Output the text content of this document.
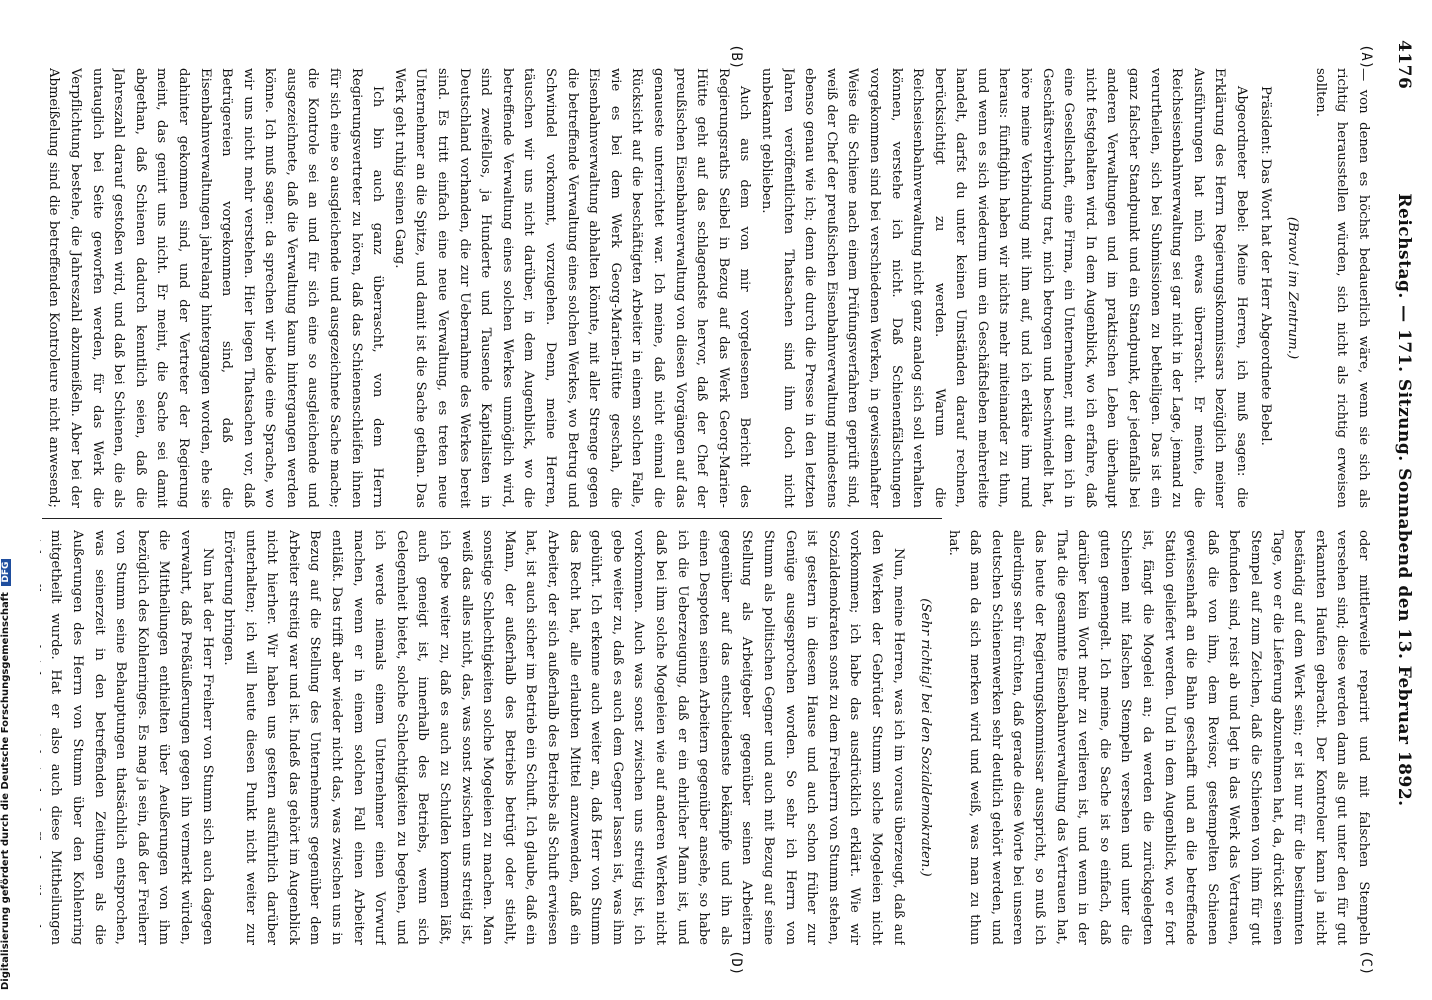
4176
Reichstag. — 171. Sitzung. Sonnabend den 13. Februar 1892.
(A)
(B)
(C)
(D)

— von denen es höchst bedauerlich wäre, wenn sie sich als richtig herausstellen würden, sich nicht als richtig erweisen sollten.

(Bravo! im Zentrum.)

Präsident: Das Wort hat der Herr Abgeordnete Bebel.

Abgeordneter Bebel: Meine Herren, ich muß sagen: die Erklärung des Herrn Regierungskommissars bezüglich meiner Ausführungen hat mich etwas überrascht. Er meinte, die Reichseisenbahnverwaltung sei gar nicht in der Lage, jemand zu verurtheilen, sich bei Submissionen zu betheiligen. Das ist ein ganz falscher Standpunkt und ein Standpunkt, der jedenfalls bei anderen Verwaltungen und im praktischen Leben überhaupt nicht festgehalten wird. In dem Augenblick, wo ich erfahre, daß eine Gesellschaft, eine Firma, ein Unternehmer, mit dem ich in Geschäftsverbindung trat, mich betrogen und beschwindelt hat, höre meine Verbindung mit ihm auf, und ich erkläre ihm rund heraus: fünftighin haben wir nichts mehr miteinander zu thun, und wenn es sich wiederum um ein Geschäftsleben mehrerleite handelt, darfst du unter keinen Umständen darauf rechnen, berücksichtigt zu werden. Warum die Reichseisenbahnverwaltung nicht ganz analog sich soll verhalten können, verstehe ich nicht. Daß Schienenfälschungen vorgekommen sind bei verschiedenen Werken, in gewissenhafter Weise die Schiene nach einem Prüfungsverfahren geprüft sind, weiß der Chef der preußischen Eisenbahnverwaltung mindestens ebenso genau wie ich; denn die durch die Presse in den letzten Jahren veröffentlichten Thatsachen sind ihm doch nicht unbekannt geblieben.

Auch aus dem von mir vorgelesenen Bericht des Regierungsraths Seibel in Bezug auf das Werk Georg-Marien-Hütte geht auf das schlagendste hervor, daß der Chef der preußischen Eisenbahnverwaltung von diesen Vorgängen auf das genaueste unterrichtet war. Ich meine, daß nicht einmal die Rücksicht auf die beschäftigten Arbeiter in einem solchen Falle, wie es bei dem Werk Georg-Marien-Hütte geschah, die Eisenbahnverwaltung abhalten könnte, mit aller Strenge gegen die betreffende Verwaltung eines solchen Werkes, wo Betrug und Schwindel vorkommt, vorzugehen. Denn, meine Herren, täuschen wir uns nicht darüber, in dem Augenblick, wo die betreffende Verwaltung eines solchen Werkes unmöglich wird, sind zweifellos, ja Hunderte und Tausende Kapitalisten in Deutschland vorhanden, die zur Uebernahme des Werkes bereit sind. Es tritt einfach eine neue Verwaltung, es treten neue Unternehmer an die Spitze, und damit ist die Sache gethan. Das Werk geht ruhig seinen Gang.

Ich bin auch ganz überrascht, von dem Herrn Regierungsvertreter zu hören, daß das Schienenschleifen ihnen für sich eine so ausgleichende und ausgezeichnete Sache mache; die Kontrole sei an und für sich eine so ausgleichende und ausgezeichnete, daß die Verwaltung kaum hintergangen werden könne. Ich muß sagen: da sprechen wir beide eine Sprache, wo wir uns nicht mehr verstehen. Hier liegen Thatsachen vor, daß Betrügereien vorgekommen sind, daß die Eisenbahnverwaltungen jahrelang hintergangen worden, ehe sie dahinter gekommen sind, und der Vertreter der Regierung meint, das genirt uns nicht. Er meint, die Sache sei damit abgethan, daß Schienen dadurch kenntlich seien, daß die Jahreszahl darauf gestoßen wird, und daß bei Schienen, die als untauglich bei Seite geworfen werden, für das Werk die Verpflichtung bestehe, die Jahreszahl abzumeißeln. Aber bei der Abmeißelung sind die betreffenden Kontroleure nicht anwesend;

oder mittlerweile reparirt und mit falschen Stempeln versehen sind; diese werden dann als gut unter den für gut erkannten Haufen gebracht. Der Kontroleur kann ja nicht beständig auf dem Werk sein; er ist nur für die bestimmten Tage, wo er die Lieferung abzunehmen hat, da, drückt seinen Stempel auf zum Zeichen, daß die Schienen von ihm für gut befunden sind, reist ab und legt in das Werk das Vertrauen, daß die von ihm, dem Revisor, gestempelten Schienen gewissenhaft an die Bahn geschafft und an die betreffende Station geliefert werden. Und in dem Augenblick, wo er fort ist, fängt die Mogelei an; da werden die zurückgelegten Schienen mit falschen Stempeln versehen und unter die guten gemengelt. Ich meine, die Sache ist so einfach, daß darüber kein Wort mehr zu verlieren ist, und wenn in der That die gesammte Eisenbahnverwaltung das Vertrauen hat, das heute der Regierungskommissar ausspricht, so muß ich allerdings sehr fürchten, daß gerade diese Worte bei unseren deutschen Schienenwerken sehr deutlich gehört werden, und daß man da sich merken wird und weiß, was man zu thun hat.

(Sehr richtig! bei den Sozialdemokraten.)

Nun, meine Herren, was ich im voraus überzeugt, daß auf den Werken der Gebrüder Stumm solche Mogeleien nicht vorkommen; ich habe das ausdrücklich erklärt. Wie wir Sozialdemokraten sonst zu dem Freiherrn von Stumm stehen, ist gestern in diesem Hause und auch schon früher zur Genüge ausgesprochen worden. So sehr ich Herrn von Stumm als politischen Gegner und auch mit Bezug auf seine Stellung als Arbeitgeber gegenüber seinen Arbeitern gegenüber auf das entschiedenste bekämpfe und ihn als einen Despoten seinen Arbeitern gegenüber ansehe, so habe ich die Ueberzeugung, daß er ein ehrlicher Mann ist, und daß bei ihm solche Mogeleien wie auf anderen Werken nicht vorkommen. Auch was sonst zwischen uns streitig ist, ich gebe weiter zu, daß es auch dem Gegner lassen ist, was ihm gebührt. Ich erkenne auch weiter an, daß Herr von Stumm das Recht hat, alle erlaubten Mittel anzuwenden, daß ein Arbeiter, der sich außerhalb des Betriebs als Schuft erwiesen hat, ist auch sicher im Betrieb ein Schuft. Ich glaube, daß ein Mann, der außerhalb des Betriebs betrügt oder stiehlt, sonstige Schlechtigkeiten solche Mogeleien zu machen. Man weiß das alles nicht, das, was sonst zwischen uns streitig ist, ich gebe weiter zu, daß es auch zu Schulden kommen läßt, auch geneigt ist, innerhalb des Betriebs, wenn sich Gelegenheit bietet, solche Schlechtigkeiten zu begehen, und ich werde niemals einem Unternehmer einen Vorwurf machen, wenn er in einem solchen Fall einen Arbeiter entläßt. Das trifft aber wieder nicht das, was zwischen uns in Bezug auf die Stellung des Unternehmers gegenüber dem Arbeiter streitig war und ist. Indeß das gehört im Augenblick nicht hierher. Wir haben uns gestern ausführlich darüber unterhalten; ich will heute diesen Punkt nicht weiter zur Erörterung bringen.

Nun hat der Herr Freiherr von Stumm sich auch dagegen verwahrt, daß Preßäußerungen gegen ihn vermerkt würden, die Mittheilungen enthielten über Aeußerungen von ihm bezüglich des Kohlenringes. Es mag ja sein, daß der Freiherr von Stumm seine Behauptungen thatsächlich entsprochen, was seinerzeit in den betreffenden Zeitungen als die Außerungen des Herrn von Stumm über den Kohlenring mitgetheilt wurde. Hat er also auch diese Mittheilungen

Digitalisierung gefördert durch die Deutsche Forschungsgemeinschaft DFG
